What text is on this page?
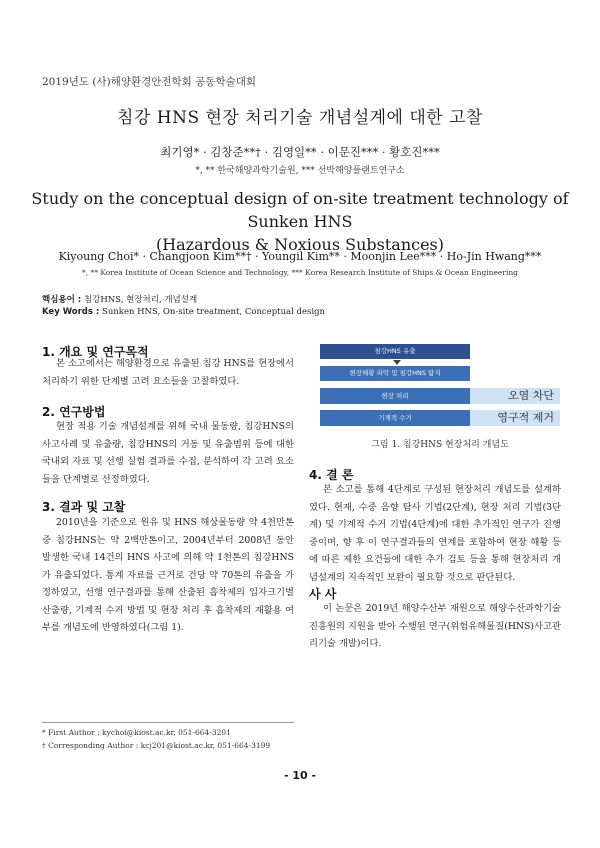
2019년도 (사)해양환경안전학회 공동학술대회
침강 HNS 현장 처리기술 개념설계에 대한 고찰
최기영* · 김창준**† · 김영일** · 이문진*** · 황호진***
*, ** 한국해양과학기술원, *** 선박해양플랜트연구소
Study on the conceptual design of on-site treatment technology of Sunken HNS
(Hazardous & Noxious Substances)
Kiyoung Choi* · Changjoon Kim**† · Youngil Kim** · Moonjin Lee*** · Ho-Jin Hwang***
*, ** Korea Institute of Ocean Science and Technology, *** Korea Research Institute of Ships & Ocean Engineering
핵심용어 : 침강HNS, 현장처리, 개념설계
Key Words : Sunken HNS, On-site treatment, Conceptual design
1. 개요 및 연구목적

본 소고에서는 해양환경으로 유출된 침강 HNS를 현장에서 처리하기 위한 단계별 고려 요소들을 고찰하였다.

2. 연구방법

현장 적용 기술 개념설계를 위해 국내 물동량, 침강HNS의 사고사례 및 유출량, 침강HNS의 거동 및 유출범위 등에 대한 국내외 자료 및 선행 실험 결과를 수집, 분석하여 각 고려 요소들을 단계별로 선정하였다.

3. 결과 및 고찰

2010년을 기준으로 원유 및 HNS 해상물동량 약 4천만톤 중 침강HNS는 약 2백만톤이고, 2004년부터 2008년 동안 발생한 국내 14건의 HNS 사고에 의해 약 1천톤의 침강HNS가 유출되었다. 통계 자료를 근거로 건당 약 70톤의 유출을 가정하였고, 선행 연구결과를 통해 산출된 흡착제의 입자크기별 산출량, 기계적 수거 방법 및 현장 처리 후 흡착제의 재활용 여부를 개념도에 반영하였다(그림 1).

침강HNS 유출
현장해황 파악 및 침강HNS 탐지
현장 처리	오염 차단
기계적 수거	영구적 제거
그림 1. 침강HNS 현장처리 개념도
4. 결 론

본 소고를 통해 4단계로 구성된 현장처리 개념도를 설계하였다. 현재, 수중 음향 탐사 기법(2단계), 현장 처리 기법(3단계) 및 기계적 수거 기법(4단계)에 대한 추가적인 연구가 진행중이며, 향 후 이 연구결과들의 연계를 포함하여 현장 해황 등에 따른 제한 요건들에 대한 추가 검토 등을 통해 현장처리 개념설계의 지속적인 보완이 필요할 것으로 판단된다.

사 사

이 논문은 2019년 해양수산부 재원으로 해양수산과학기술진흥원의 지원을 받아 수행된 연구(위험유해물질(HNS)사고관리기술 개발)이다.

* First Author : kychoi@kiost.ac.kr, 051-664-3201
† Corresponding Author : kcj201@kiost.ac.kr, 051-664-3199
- 10 -
